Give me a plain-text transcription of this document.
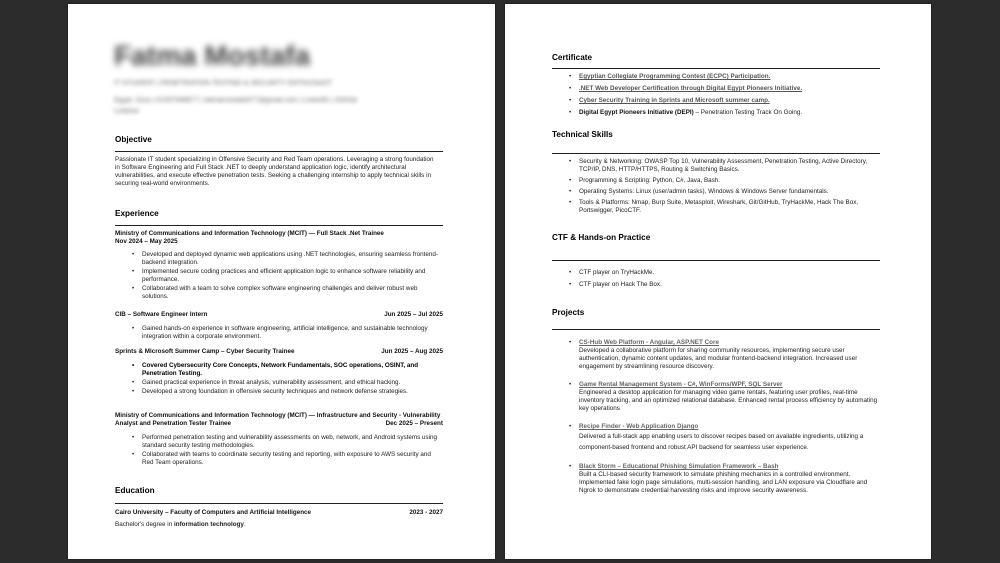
Fatma Mostafa
IT STUDENT | PENETRATION TESTING & SECURITY ENTHUSIAST
Egypt, Giza | 01097948877 | fatmamostafa577@gmail.com | LinkedIn | GitHub
Linktree
Objective
Passionate IT student specializing in Offensive Security and Red Team operations. Leveraging a strong foundation in Software Engineering and Full Stack .NET to deeply understand application logic, identify architectural vulnerabilities, and execute effective penetration tests. Seeking a challenging internship to apply technical skills in securing real-world environments.
Experience
Ministry of Communications and Information Technology (MCIT) — Full Stack .Net Trainee
Nov 2024 – May 2025
• Developed and deployed dynamic web applications using .NET technologies, ensuring seamless frontend-backend integration.
• Implemented secure coding practices and efficient application logic to enhance software reliability and performance.
• Collaborated with a team to solve complex software engineering challenges and deliver robust web solutions.
CIB – Software Engineer Intern	Jun 2025 – Jul 2025
• Gained hands-on experience in software engineering, artificial intelligence, and sustainable technology integration within a corporate environment.
Sprints & Microsoft Summer Camp – Cyber Security Trainee	Jun 2025 – Aug 2025
• Covered Cybersecurity Core Concepts, Network Fundamentals, SOC operations, OSINT, and Penetration Testing.
• Gained practical experience in threat analysis, vulnerability assessment, and ethical hacking.
• Developed a strong foundation in offensive security techniques and network defense strategies.
Ministry of Communications and Information Technology (MCIT) — Infrastructure and Security - Vulnerability Analyst and Penetration Tester Trainee	Dec 2025 – Present
• Performed penetration testing and vulnerability assessments on web, network, and Android systems using standard security testing methodologies.
• Collaborated with teams to coordinate security testing and reporting, with exposure to AWS security and Red Team operations.
Education
Cairo University – Faculty of Computers and Artificial Intelligence	2023 - 2027
Bachelor's degree in information technology.
Certificate
• Egyptian Collegiate Programming Contest (ECPC) Participation.
• .NET Web Developer Certification through Digital Egypt Pioneers Initiative.
• Cyber Security Training in Sprints and Microsoft summer camp.
• Digital Egypt Pioneers Initiative (DEPI) – Penetration Testing Track On Going.
Technical Skills
• Security & Networking: OWASP Top 10, Vulnerability Assessment, Penetration Testing, Active Directory, TCP/IP, DNS, HTTP/HTTPS, Routing & Switching Basics.
• Programming & Scripting: Python, C#, Java, Bash.
• Operating Systems: Linux (user/admin tasks), Windows & Windows Server fundamentals.
• Tools & Platforms: Nmap, Burp Suite, Metasploit, Wireshark, Git/GitHub, TryHackMe, Hack The Box, Portswigger, PicoCTF.
CTF & Hands-on Practice
• CTF player on TryHackMe.
• CTF player on Hack The Box.
Projects
• CS-Hub Web Platform - Angular, ASP.NET Core
Developed a collaborative platform for sharing community resources, implementing secure user authentication, dynamic content updates, and modular frontend-backend integration. Increased user engagement by streamlining resource discovery.
• Game Rental Management System - C#, WinForms/WPF, SQL Server
Engineered a desktop application for managing video game rentals, featuring user profiles, real-time inventory tracking, and an optimized relational database. Enhanced rental process efficiency by automating key operations
• Recipe Finder - Web Application Django
Delivered a full-stack app enabling users to discover recipes based on available ingredients, utilizing a component-based frontend and robust API backend for seamless user experience.
• Black Storm – Educational Phishing Simulation Framework – Bash
Built a CLI-based security framework to simulate phishing mechanics in a controlled environment. Implemented fake login page simulations, multi-session handling, and LAN exposure via Cloudflare and Ngrok to demonstrate credential harvesting risks and improve security awareness.
